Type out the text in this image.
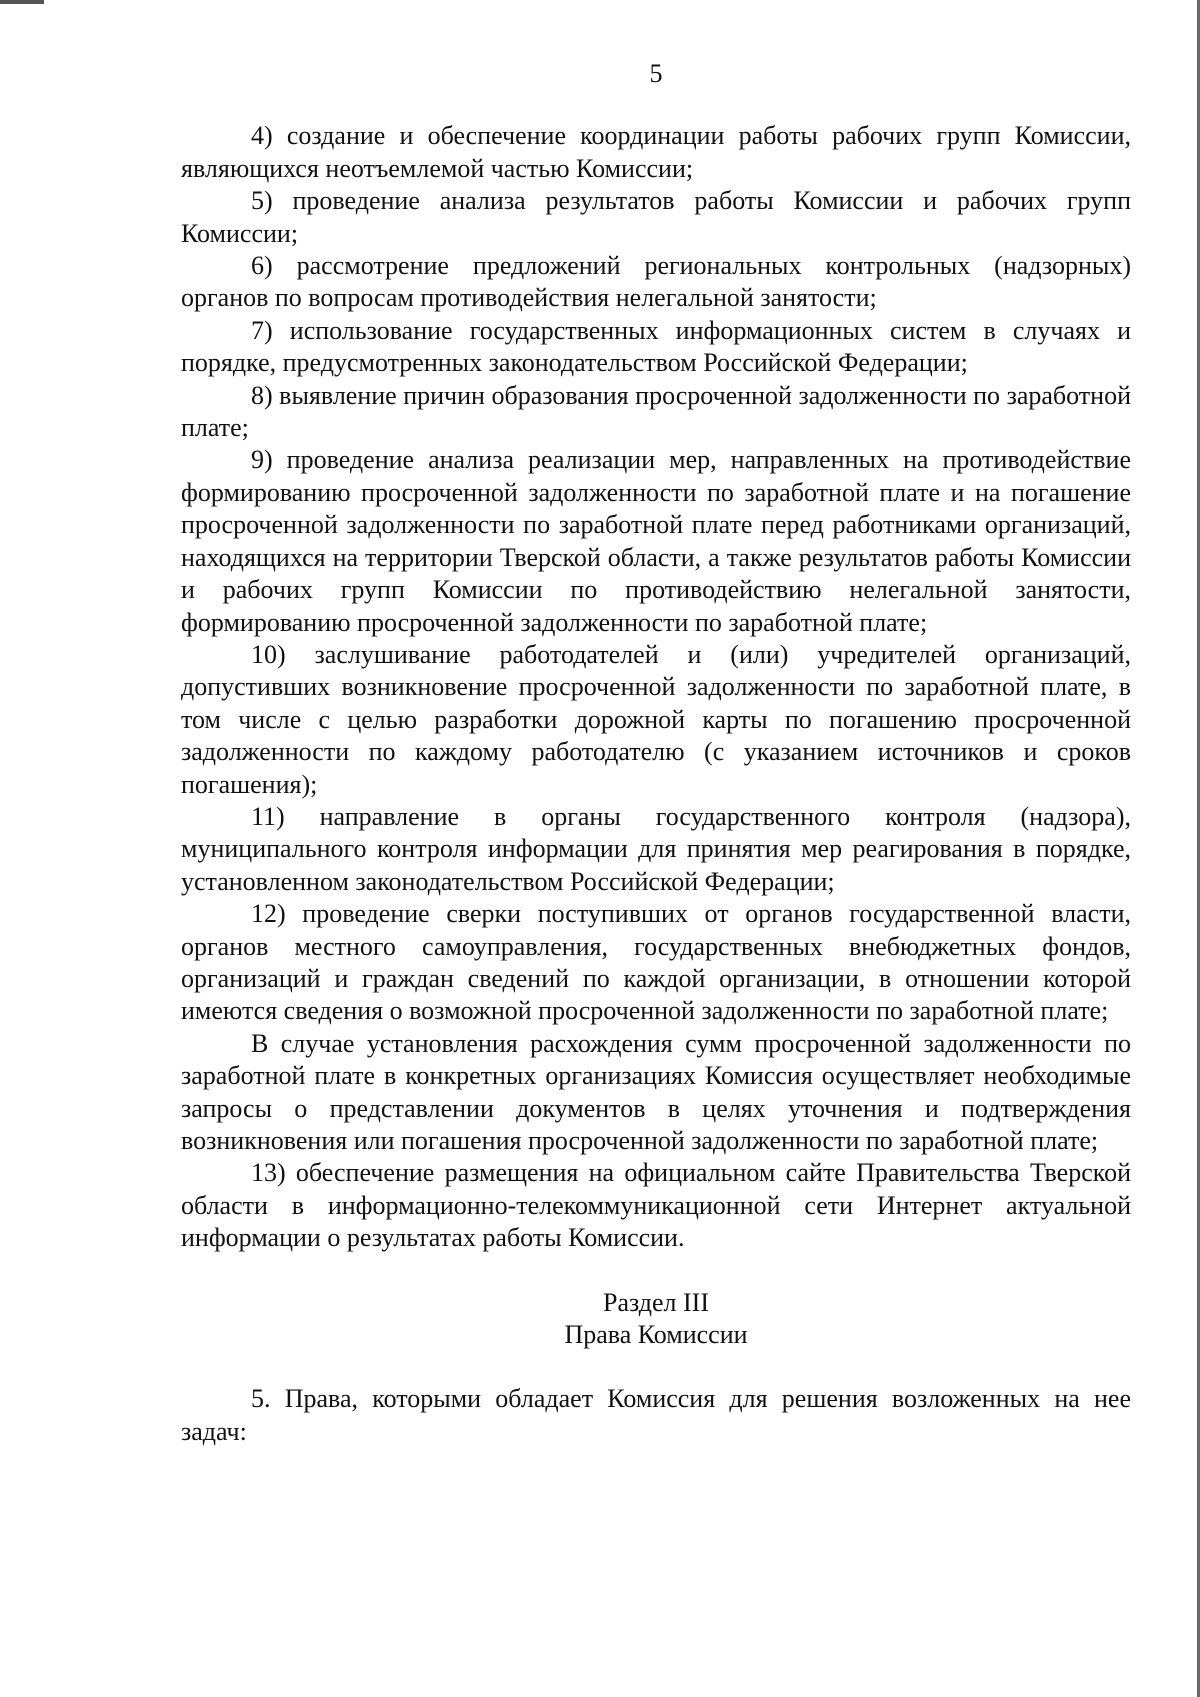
5

4) создание и обеспечение координации работы рабочих групп Комиссии, являющихся неотъемлемой частью Комиссии;

5) проведение анализа результатов работы Комиссии и рабочих групп Комиссии;

6) рассмотрение предложений региональных контрольных (надзорных) органов по вопросам противодействия нелегальной занятости;

7) использование государственных информационных систем в случаях и порядке, предусмотренных законодательством Российской Федерации;

8) выявление причин образования просроченной задолженности по заработной плате;

9) проведение анализа реализации мер, направленных на противодействие формированию просроченной задолженности по заработной плате и на погашение просроченной задолженности по заработной плате перед работниками организаций, находящихся на территории Тверской области, а также результатов работы Комиссии и рабочих групп Комиссии по противодействию нелегальной занятости, формированию просроченной задолженности по заработной плате;

10) заслушивание работодателей и (или) учредителей организаций, допустивших возникновение просроченной задолженности по заработной плате, в том числе с целью разработки дорожной карты по погашению просроченной задолженности по каждому работодателю (с указанием источников и сроков погашения);

11) направление в органы государственного контроля (надзора), муниципального контроля информации для принятия мер реагирования в порядке, установленном законодательством Российской Федерации;

12) проведение сверки поступивших от органов государственной власти, органов местного самоуправления, государственных внебюджетных фондов, организаций и граждан сведений по каждой организации, в отношении которой имеются сведения о возможной просроченной задолженности по заработной плате;

В случае установления расхождения сумм просроченной задолженности по заработной плате в конкретных организациях Комиссия осуществляет необходимые запросы о представлении документов в целях уточнения и подтверждения возникновения или погашения просроченной задолженности по заработной плате;

13) обеспечение размещения на официальном сайте Правительства Тверской области в информационно-телекоммуникационной сети Интернет актуальной информации о результатах работы Комиссии.

Раздел III

Права Комиссии

5. Права, которыми обладает Комиссия для решения возложенных на нее задач:
